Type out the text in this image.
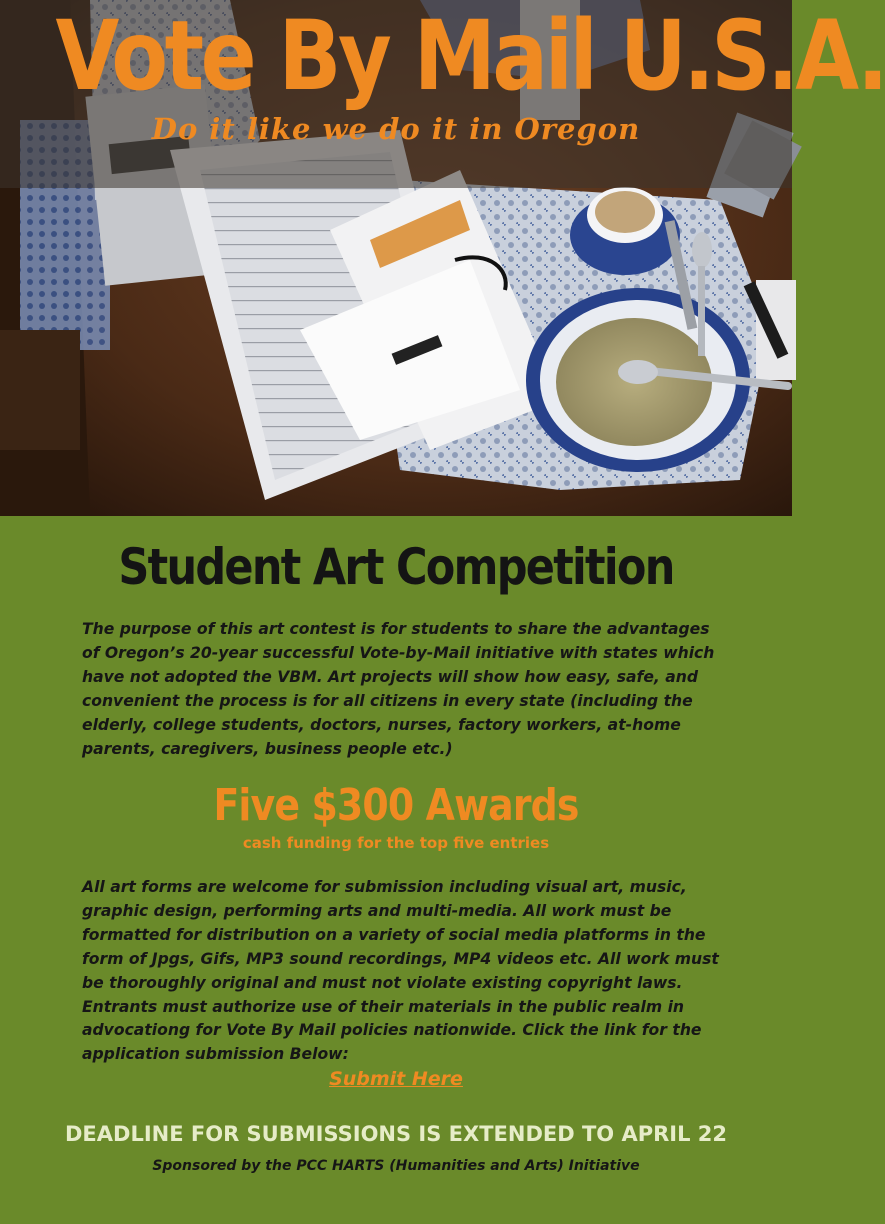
Vote By Mail U.S.A.
Do it like we do it in Oregon
Student Art Competition

The purpose of this art contest is for students to share the advantages of Oregon’s 20-year successful Vote-by-Mail initiative with states which have not adopted the VBM. Art projects will show how easy, safe, and convenient the process is for all citizens in every state (including the elderly, college students, doctors, nurses, factory workers, at-home parents, caregivers, business people etc.)

Five $300 Awards
cash funding for the top five entries

All art forms are welcome for submission including visual art, music, graphic design, performing arts and multi-media. All work must be formatted for distribution on a variety of social media platforms in the form of Jpgs, Gifs, MP3 sound recordings, MP4 videos etc. All work must be thoroughly original and must not violate existing copyright laws. Entrants must authorize use of their materials in the public realm in advocationg for Vote By Mail policies nationwide. Click the link for the application submission Below:

Submit Here
DEADLINE FOR SUBMISSIONS IS EXTENDED TO APRIL 22
Sponsored by the PCC HARTS (Humanities and Arts) Initiative
